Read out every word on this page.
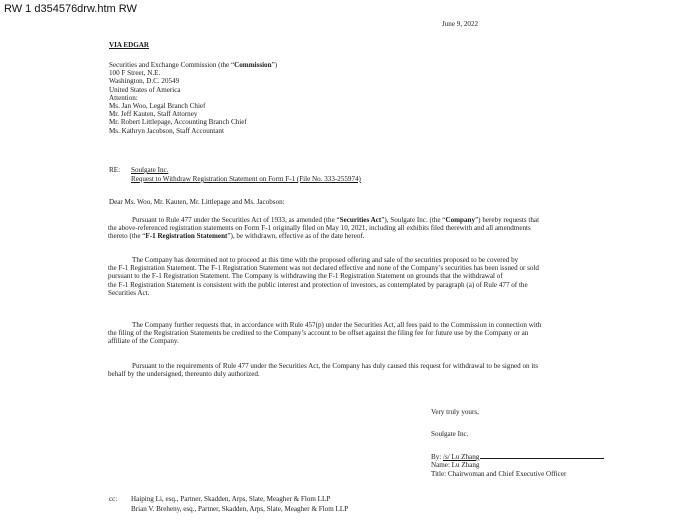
RW 1 d354576drw.htm RW
June 9, 2022
VIA EDGAR
Securities and Exchange Commission (the “Commission”)
100 F Street, N.E.
Washington, D.C. 20549
United States of America
Attention:
Ms. Jan Woo, Legal Branch Chief
Mr. Jeff Kauten, Staff Attorney
Mr. Robert Littlepage, Accounting Branch Chief
Ms. Kathryn Jacobson, Staff Accountant
RE: Soulgate Inc.
Request to Withdraw Registration Statement on Form F-1 (File No. 333-255974)
Dear Ms. Woo, Mr. Kauten, Mr. Littlepage and Ms. Jacobson:

Pursuant to Rule 477 under the Securities Act of 1933, as amended (the “Securities Act”), Soulgate Inc. (the “Company”) hereby requests that

the above-referenced registration statements on Form F-1 originally filed on May 10, 2021, including all exhibits filed therewith and all amendments
thereto (the “F-1 Registration Statement”), be withdrawn, effective as of the date hereof.

The Company has determined not to proceed at this time with the proposed offering and sale of the securities proposed to be covered by

the F-1 Registration Statement. The F-1 Registration Statement was not declared effective and none of the Company’s securities has been issued or sold
pursuant to the F-1 Registration Statement. The Company is withdrawing the F-1 Registration Statement on grounds that the withdrawal of
the F-1 Registration Statement is consistent with the public interest and protection of investors, as contemplated by paragraph (a) of Rule 477 of the
Securities Act.

The Company further requests that, in accordance with Rule 457(p) under the Securities Act, all fees paid to the Commission in connection with

the filing of the Registration Statements be credited to the Company’s account to be offset against the filing fee for future use by the Company or an
affiliate of the Company.

Pursuant to the requirements of Rule 477 under the Securities Act, the Company has duly caused this request for withdrawal to be signed on its

behalf by the undersigned, thereunto duly authorized.
Very truly yours,
Soulgate Inc.
By: /s/ Lu Zhang
Name: Lu Zhang
Title: Chairwoman and Chief Executive Officer
cc: Haiping Li, esq., Partner, Skadden, Arps, Slate, Meagher & Flom LLP
Brian V. Breheny, esq., Partner, Skadden, Arps, Slate, Meagher & Flom LLP
